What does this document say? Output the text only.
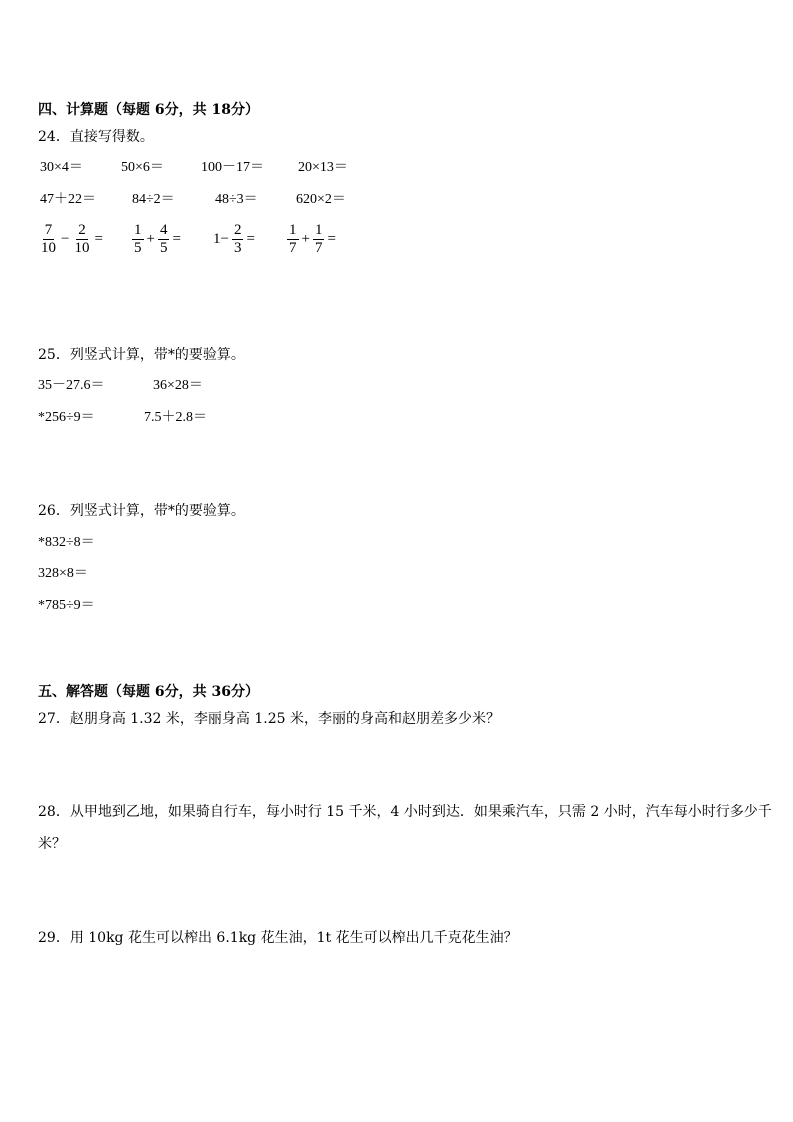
四、计算题（每题 6分，共 18分）
24．直接写得数。
30×4＝	50×6＝	100－17＝ 20×13＝
47＋22＝	84÷2＝	48÷3＝	620×2＝
$\frac{7}{10} - \frac{2}{10} = \frac{1}{5} + \frac{4}{5} = 1- \frac{2}{3} = \frac{1}{7} + \frac{1}{7}$ =
25．列竖式计算，带*的要验算。
35－27.6＝	36×28＝
*256÷9＝	7.5＋2.8＝
26．列竖式计算，带*的要验算。
*832÷8＝
328×8＝
*785÷9＝
五、解答题（每题 6分，共 36分）
27．赵朋身高 1.32 米，李丽身高 1.25 米，李丽的身高和赵朋差多少米？
28．从甲地到乙地，如果骑自行车，每小时行 15 千米，4 小时到达．如果乘汽车，只需 2 小时，汽车每小时行多少千
米？
29．用 10kg 花生可以榨出 6.1kg 花生油，1t 花生可以榨出几千克花生油？
